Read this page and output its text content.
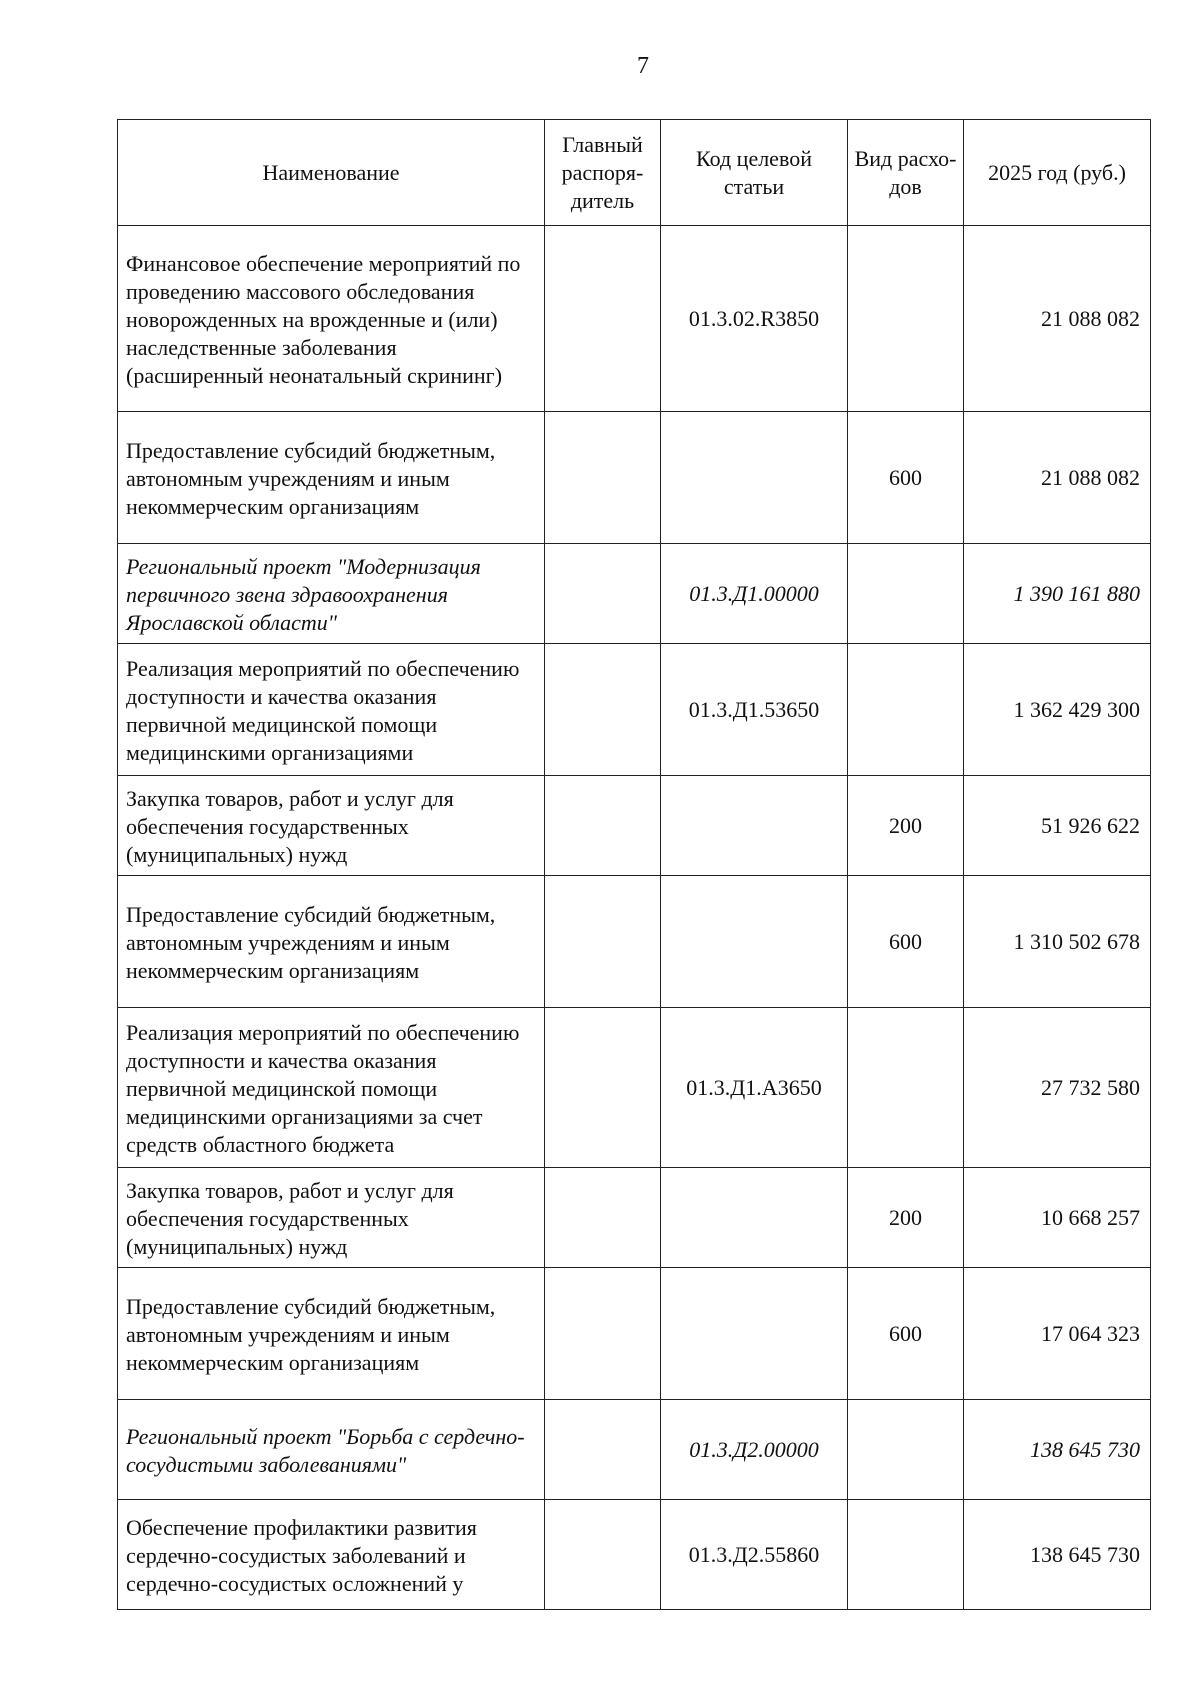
7
Наименование	Главный распоря- дитель	Код целевой статьи	Вид расхо- дов	2025 год (руб.)
Финансовое обеспечение мероприятий по проведению массового обследования новорожденных на врожденные и (или) наследственные заболевания (расширенный неонатальный скрининг)		01.3.02.R3850		21 088 082
Предоставление субсидий бюджетным, автономным учреждениям и иным некоммерческим организациям			600	21 088 082
Региональный проект "Модернизация первичного звена здравоохранения Ярославской области"		01.3.Д1.00000		1 390 161 880
Реализация мероприятий по обеспечению доступности и качества оказания первичной медицинской помощи медицинскими организациями		01.3.Д1.53650		1 362 429 300
Закупка товаров, работ и услуг для обеспечения государственных (муниципальных) нужд			200	51 926 622
Предоставление субсидий бюджетным, автономным учреждениям и иным некоммерческим организациям			600	1 310 502 678
Реализация мероприятий по обеспечению доступности и качества оказания первичной медицинской помощи медицинскими организациями за счет средств областного бюджета		01.3.Д1.А3650		27 732 580
Закупка товаров, работ и услуг для обеспечения государственных (муниципальных) нужд			200	10 668 257
Предоставление субсидий бюджетным, автономным учреждениям и иным некоммерческим организациям			600	17 064 323
Региональный проект "Борьба с сердечно-сосудистыми заболеваниями"		01.3.Д2.00000		138 645 730
Обеспечение профилактики развития сердечно-сосудистых заболеваний и сердечно-сосудистых осложнений у		01.3.Д2.55860		138 645 730
